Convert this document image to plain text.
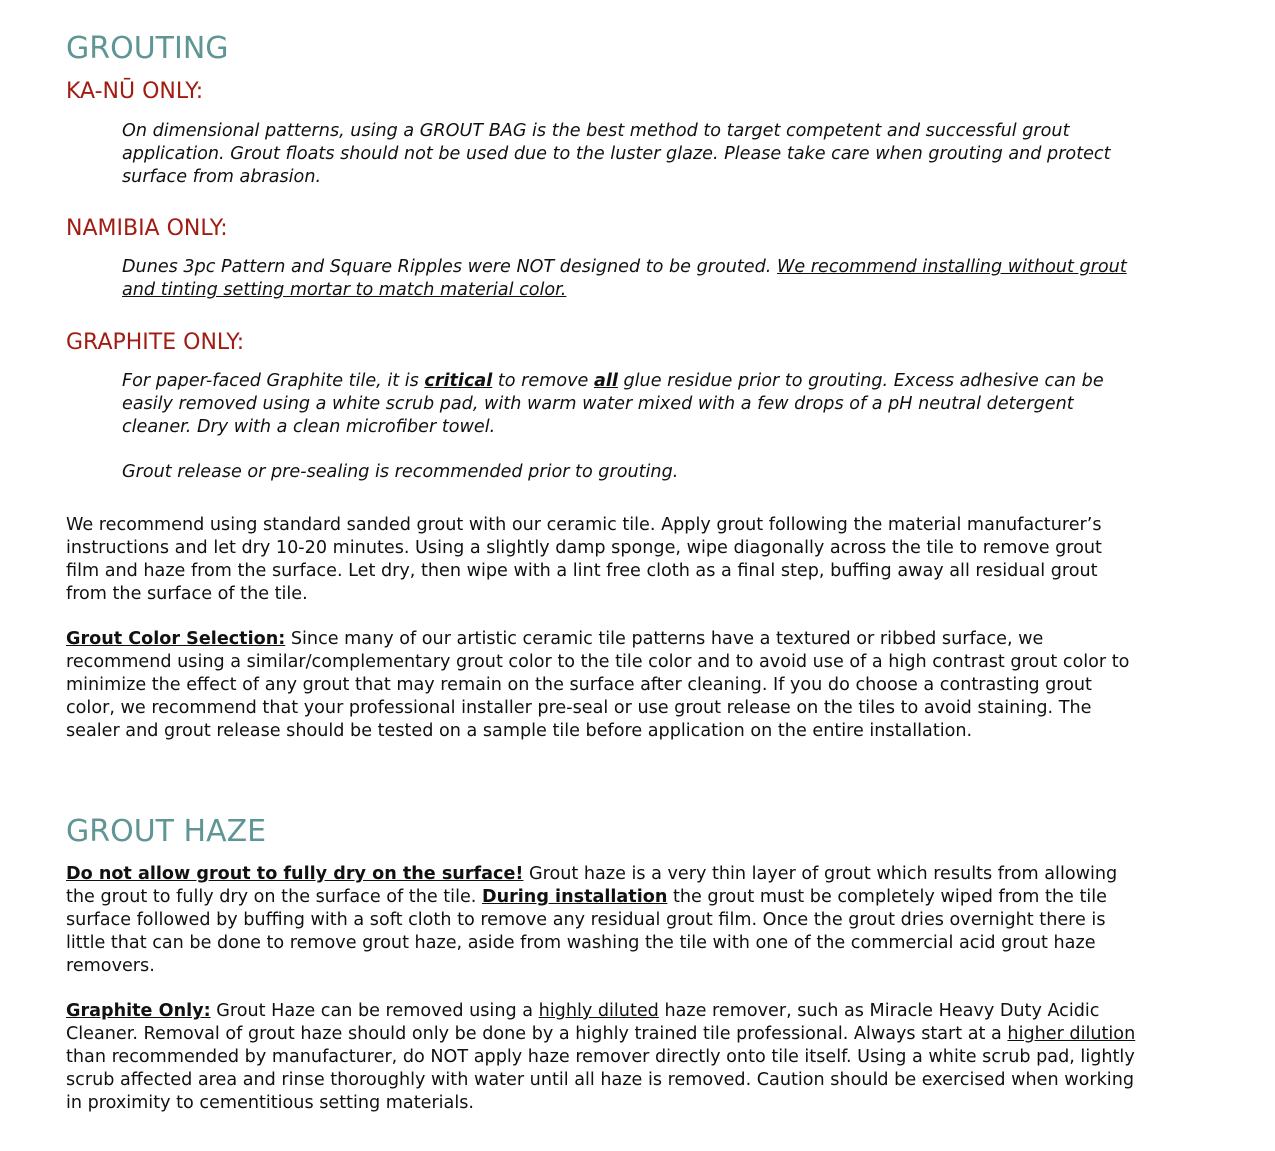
GROUTING
KA-NŪ ONLY:

On dimensional patterns, using a GROUT BAG is the best method to target competent and successful grout application. Grout floats should not be used due to the luster glaze. Please take care when grouting and protect surface from abrasion.

NAMIBIA ONLY:

Dunes 3pc Pattern and Square Ripples were NOT designed to be grouted. We recommend installing without grout and tinting setting mortar to match material color.

GRAPHITE ONLY:

For paper-faced Graphite tile, it is critical to remove all glue residue prior to grouting. Excess adhesive can be easily removed using a white scrub pad, with warm water mixed with a few drops of a pH neutral detergent cleaner. Dry with a clean microfiber towel.

Grout release or pre-sealing is recommended prior to grouting.

We recommend using standard sanded grout with our ceramic tile. Apply grout following the material manufacturer’s instructions and let dry 10-20 minutes. Using a slightly damp sponge, wipe diagonally across the tile to remove grout film and haze from the surface. Let dry, then wipe with a lint free cloth as a final step, buffing away all residual grout from the surface of the tile.

Grout Color Selection: Since many of our artistic ceramic tile patterns have a textured or ribbed surface, we recommend using a similar/complementary grout color to the tile color and to avoid use of a high contrast grout color to minimize the effect of any grout that may remain on the surface after cleaning. If you do choose a contrasting grout color, we recommend that your professional installer pre-seal or use grout release on the tiles to avoid staining. The sealer and grout release should be tested on a sample tile before application on the entire installation.

GROUT HAZE

Do not allow grout to fully dry on the surface! Grout haze is a very thin layer of grout which results from allowing the grout to fully dry on the surface of the tile. During installation the grout must be completely wiped from the tile surface followed by buffing with a soft cloth to remove any residual grout film. Once the grout dries overnight there is little that can be done to remove grout haze, aside from washing the tile with one of the commercial acid grout haze removers.

Graphite Only: Grout Haze can be removed using a highly diluted haze remover, such as Miracle Heavy Duty Acidic Cleaner. Removal of grout haze should only be done by a highly trained tile professional. Always start at a higher dilution than recommended by manufacturer, do NOT apply haze remover directly onto tile itself. Using a white scrub pad, lightly scrub affected area and rinse thoroughly with water until all haze is removed. Caution should be exercised when working in proximity to cementitious setting materials.
